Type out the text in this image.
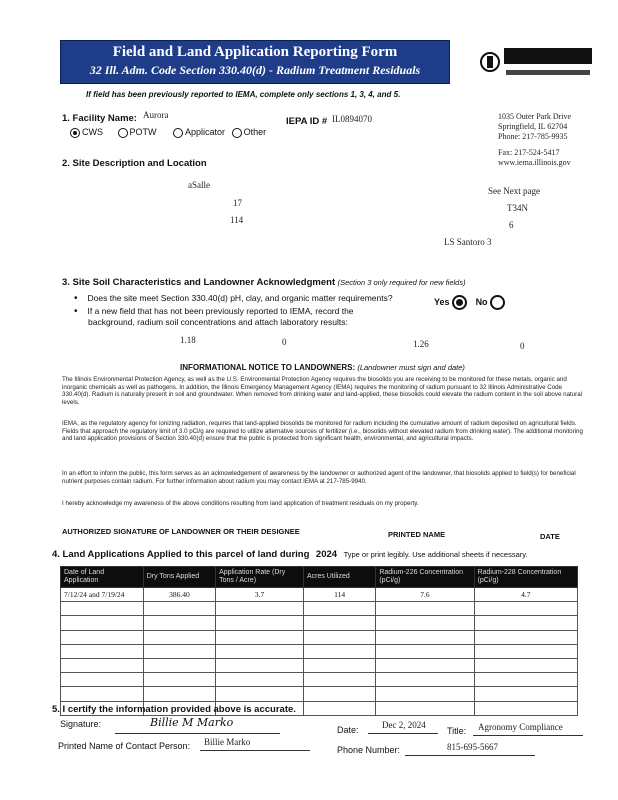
Field and Land Application Reporting Form
32 Ill. Adm. Code Section 330.40(d) - Radium Treatment Residuals
If field has been previously reported to IEMA, complete only sections 1, 3, 4, and 5.
1035 Outer Park Drive
Springfield, IL 62704
Phone: 217-785-9935
Fax: 217-524-5417
www.iema.illinois.gov
1. Facility Name: Aurora
IEPA ID # IL0894070
CWS	POTW	Applicator Other
2. Site Description and Location
aSalle
17
114
See Next page
T34N
6
LS Santoro 3
3. Site Soil Characteristics and Landowner Acknowledgment (Section 3 only required for new fields)
• Does the site meet Section 330.40(d) pH, clay, and organic matter requirements?	Yes	No
• If a new field that has not been previously reported to IEMA, record the
background, radium soil concentrations and attach laboratory results:
1.18	0	1.26	0
INFORMATIONAL NOTICE TO LANDOWNERS: (Landowner must sign and date)
The Illinois Environmental Protection Agency, as well as the U.S. Environmental Protection Agency requires the biosolids you are receiving to be monitored for these metals, organic and inorganic chemicals as well as pathogens. In addition, the Illinois Emergency Management Agency (IEMA) requires the monitoring of radium pursuant to 32 Illinois Administrative Code 330.40(d). Radium is naturally present in soil and groundwater. When removed from drinking water and land-applied, these biosolids could elevate the radium content in the soil above natural levels.
IEMA, as the regulatory agency for ionizing radiation, requires that land-applied biosolids be monitored for radium including the cumulative amount of radium deposited on agricultural fields. Fields that approach the regulatory limit of 3.0 pCi/g are required to utilize alternative sources of fertilizer (i.e., biosolids without elevated radium from drinking water). The additional monitoring and land application provisions of Section 330.40(d) ensure that the public is protected from significant health, environmental, and agricultural impacts.
In an effort to inform the public, this form serves as an acknowledgement of awareness by the landowner or authorized agent of the landowner, that biosolids applied to field(s) for beneficial nutrient purposes contain radium. For further information about radium you may contact IEMA at 217-785-9940.
I hereby acknowledge my awareness of the above conditions resulting from land application of treatment residuals on my property.
AUTHORIZED SIGNATURE OF LANDOWNER OR THEIR DESIGNEE	PRINTED NAME	DATE
4. Land Applications Applied to this parcel of land during 2024 Type or print legibly. Use additional sheets if necessary.
Date of Land Application	Dry Tons Applied	Application Rate (Dry Tons / Acre)	Acres Utilized	Radium-226 Concentration (pCi/g)	Radium-228 Concentration (pCi/g)
7/12/24 and 7/19/24	386.40	3.7	114	7.6	4.7

5. I certify the information provided above is accurate.
Signature:	Billie M Marko
Date:	Dec 2, 2024
Title: Agronomy Compliance
Printed Name of Contact Person: Billie Marko
Phone Number:	815-695-5667
